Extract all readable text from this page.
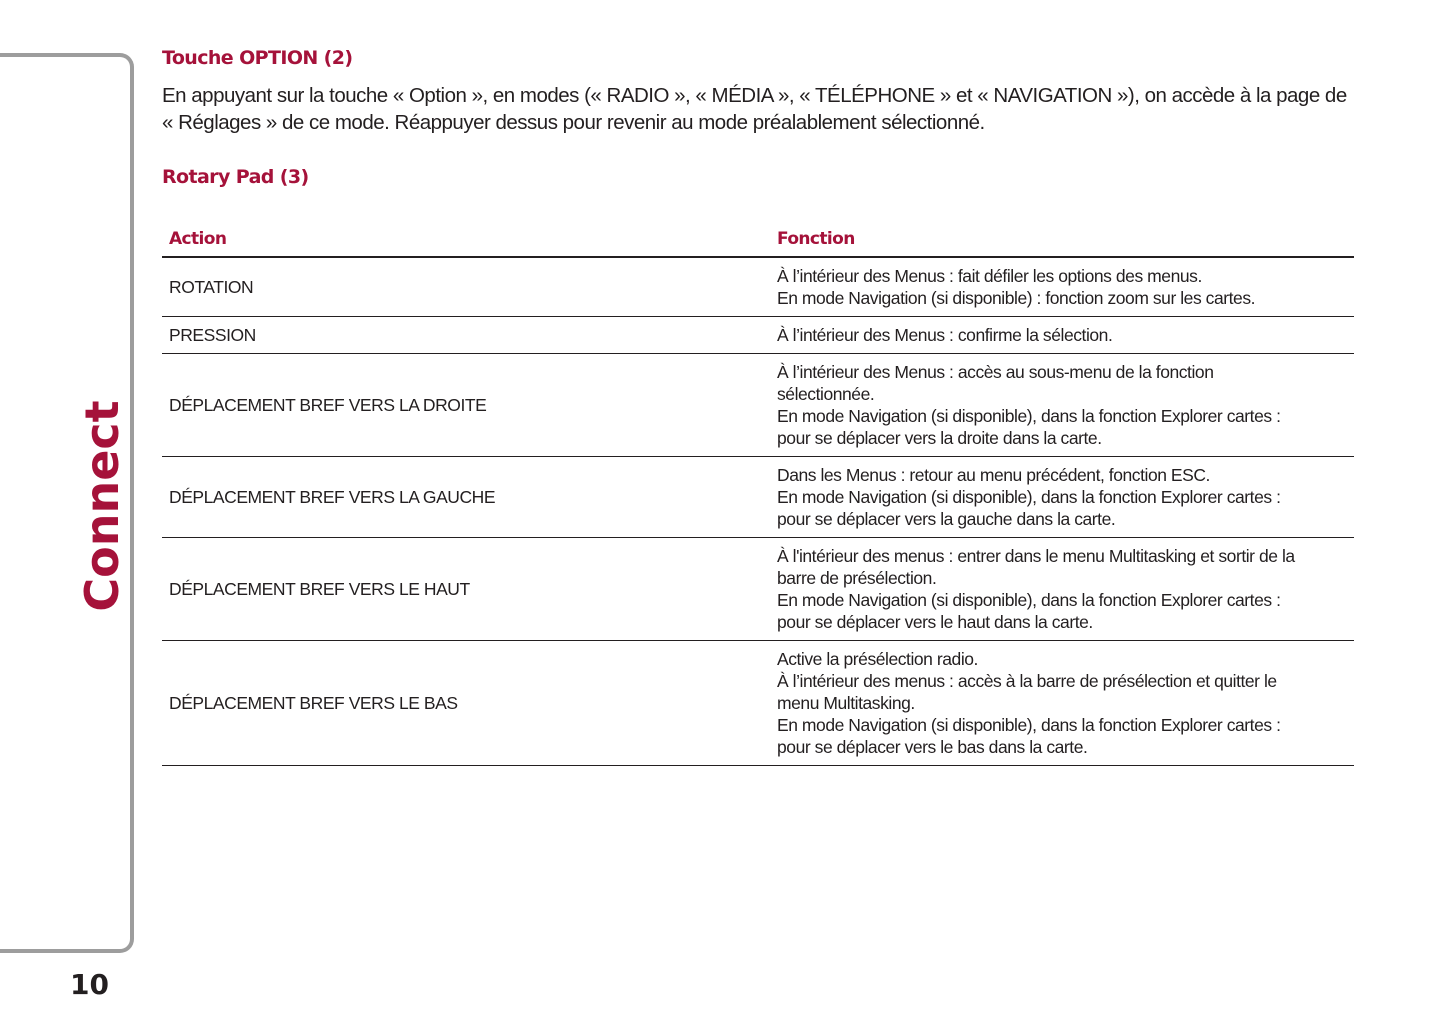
Connect
10
Touche OPTION (2)
En appuyant sur la touche « Option », en modes (« RADIO », « MÉDIA », « TÉLÉPHONE » et « NAVIGATION »), on accède à la page de
« Réglages » de ce mode. Réappuyer dessus pour revenir au mode préalablement sélectionné.
Rotary Pad (3)
Action	Fonction
ROTATION	À l’intérieur des Menus : fait défiler les options des menus.
En mode Navigation (si disponible) : fonction zoom sur les cartes.

PRESSION	À l’intérieur des Menus : confirme la sélection.

DÉPLACEMENT BREF VERS LA DROITE	À l’intérieur des Menus : accès au sous-menu de la fonction
sélectionnée.
En mode Navigation (si disponible), dans la fonction Explorer cartes :
pour se déplacer vers la droite dans la carte.

DÉPLACEMENT BREF VERS LA GAUCHE	Dans les Menus : retour au menu précédent, fonction ESC.
En mode Navigation (si disponible), dans la fonction Explorer cartes :
pour se déplacer vers la gauche dans la carte.

DÉPLACEMENT BREF VERS LE HAUT	À l'intérieur des menus : entrer dans le menu Multitasking et sortir de la
barre de présélection.
En mode Navigation (si disponible), dans la fonction Explorer cartes :
pour se déplacer vers le haut dans la carte.

DÉPLACEMENT BREF VERS LE BAS	Active la présélection radio.
À l’intérieur des menus : accès à la barre de présélection et quitter le
menu Multitasking.
En mode Navigation (si disponible), dans la fonction Explorer cartes :
pour se déplacer vers le bas dans la carte.
